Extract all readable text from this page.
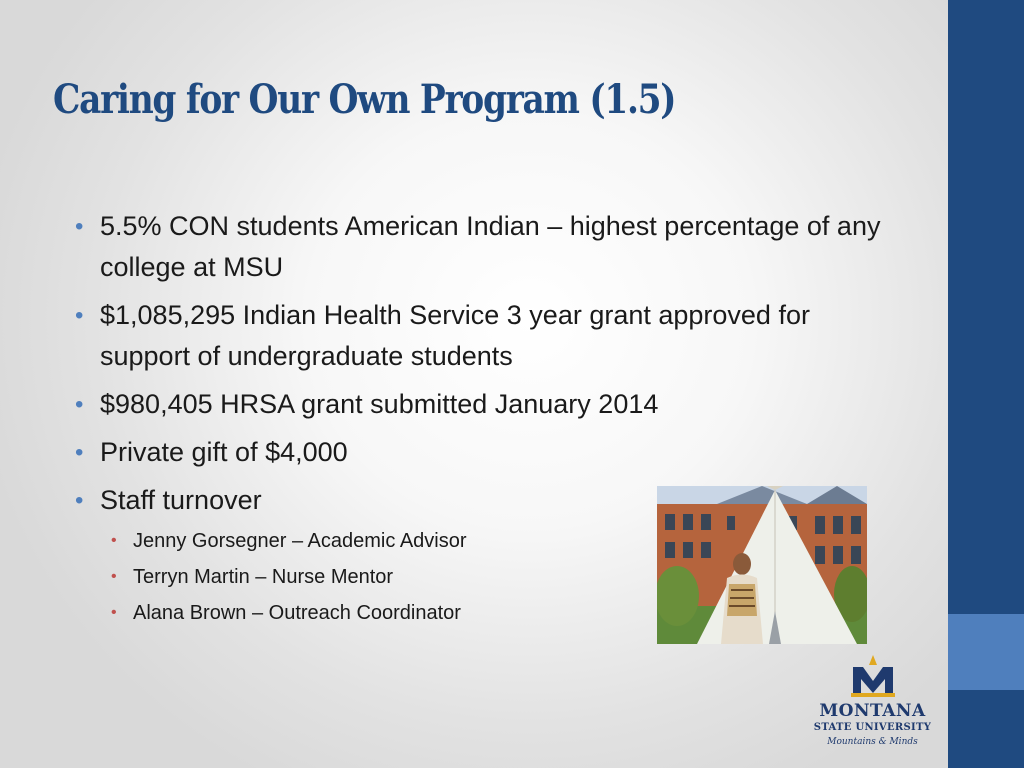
Caring for Our Own Program (1.5)
• 5.5% CON students American Indian – highest percentage of any college at MSU
• $1,085,295 Indian Health Service 3 year grant approved for support of undergraduate students
• $980,405 HRSA grant submitted January 2014
• Private gift of $4,000
• Staff turnover
• Jenny Gorsegner – Academic Advisor
• Terryn Martin – Nurse Mentor
• Alana Brown – Outreach Coordinator
MONTANA
STATE UNIVERSITY
Mountains & Minds
